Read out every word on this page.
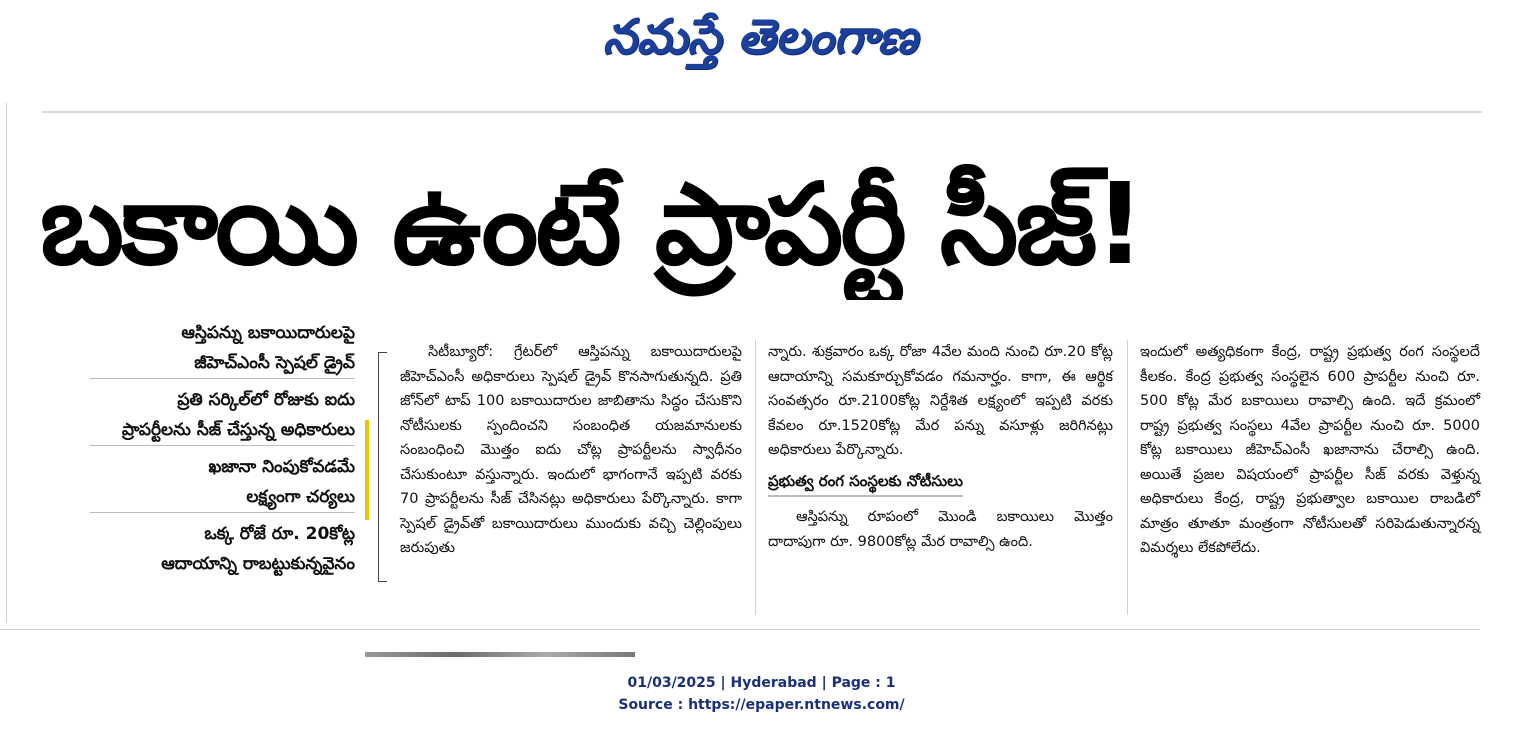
నమస్తే తెలంగాణ
బకాయి ఉంటే ప్రాపర్టీ సీజ్‌!
ఆస్తిపన్ను బకాయిదారులపై
జీహెచ్‌ఎంసీ స్పెషల్‌ డ్రైవ్‌
ప్రతి సర్కిల్‌లో రోజుకు ఐదు
ప్రాపర్టీలను సీజ్‌ చేస్తున్న అధికారులు
ఖజానా నింపుకోవడమే
లక్ష్యంగా చర్యలు
ఒక్క రోజే రూ. 20కోట్ల
ఆదాయాన్ని రాబట్టుకున్నవైనం

సిటీబ్యూరో: గ్రేటర్‌లో ఆస్తిపన్ను బకాయిదారులపై జీహెచ్‌ఎంసీ అధికారులు స్పెషల్‌ డ్రైవ్‌ కొనసాగుతున్నది. ప్రతి జోన్‌లో టాప్‌ 100 బకాయిదారుల జాబితాను సిద్ధం చేసుకొని నోటీసులకు స్పందించని సంబంధిత యజమానులకు సంబంధించి మొత్తం ఐదు చోట్ల ప్రాపర్టీలను స్వాధీనం చేసుకుంటూ వస్తున్నారు. ఇందులో భాగంగానే ఇప్పటి వరకు 70 ప్రాపర్టీలను సీజ్‌ చేసినట్లు అధికారులు పేర్కొన్నారు. కాగా స్పెషల్‌ డ్రైవ్‌తో బకాయిదారులు ముందుకు వచ్చి చెల్లింపులు జరుపుతు

న్నారు. శుక్రవారం ఒక్క రోజా 4వేల మంది నుంచి రూ.20 కోట్ల ఆదాయాన్ని సమకూర్చుకోవడం గమనార్హం. కాగా, ఈ ఆర్థిక సంవత్సరం రూ.2100కోట్ల నిర్దేశిత లక్ష్యంలో ఇప్పటి వరకు కేవలం రూ.1520కోట్ల మేర పన్ను వసూళ్లు జరిగినట్లు అధికారులు పేర్కొన్నారు.

ప్రభుత్వ రంగ సంస్థలకు నోటీసులు

ఆస్తిపన్ను రూపంలో మొండి బకాయిలు మొత్తం దాదాపుగా రూ. 9800కోట్ల మేర రావాల్సి ఉంది.

ఇందులో అత్యధికంగా కేంద్ర, రాష్ట్ర ప్రభుత్వ రంగ సంస్థలదే కీలకం. కేంద్ర ప్రభుత్వ సంస్థలైన 600 ప్రాపర్టీల నుంచి రూ. 500 కోట్ల మేర బకాయిలు రావాల్సి ఉంది. ఇదే క్రమంలో రాష్ట్ర ప్రభుత్వ సంస్థలు 4వేల ప్రాపర్టీల నుంచి రూ. 5000 కోట్ల బకాయిలు జీహెచ్‌ఎంసీ ఖజానాను చేరాల్సి ఉంది. అయితే ప్రజల విషయంలో ప్రాపర్టీల సీజ్‌ వరకు వెళ్తున్న అధికారులు కేంద్ర, రాష్ట్ర ప్రభుత్వాల బకాయిల రాబడిలో మాత్రం తూతూ మంత్రంగా నోటీసులతో సరిపెడుతున్నారన్న విమర్శలు లేకపోలేదు.

01/03/2025 | Hyderabad | Page : 1
Source : https://epaper.ntnews.com/
